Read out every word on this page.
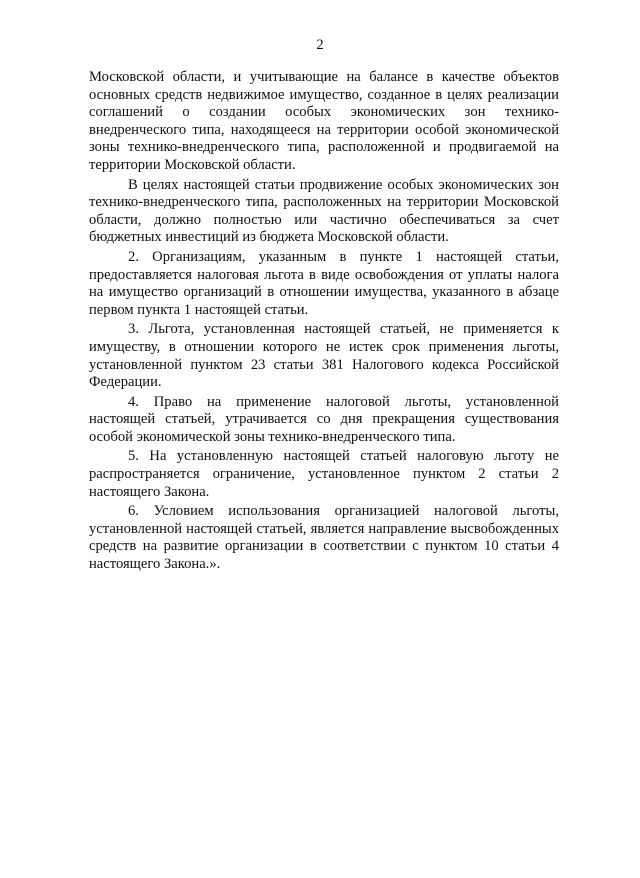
2

Московской области, и учитывающие на балансе в качестве объектов основных средств недвижимое имущество, созданное в целях реализации соглашений о создании особых экономических зон технико-внедренческого типа, находящееся на территории особой экономической зоны технико-внедренческого типа, расположенной и продвигаемой на территории Московской области.

В целях настоящей статьи продвижение особых экономических зон технико-внедренческого типа, расположенных на территории Московской области, должно полностью или частично обеспечиваться за счет бюджетных инвестиций из бюджета Московской области.

2. Организациям, указанным в пункте 1 настоящей статьи, предоставляется налоговая льгота в виде освобождения от уплаты налога на имущество организаций в отношении имущества, указанного в абзаце первом пункта 1 настоящей статьи.

3. Льгота, установленная настоящей статьей, не применяется к имуществу, в отношении которого не истек срок применения льготы, установленной пунктом 23 статьи 381 Налогового кодекса Российской Федерации.

4. Право на применение налоговой льготы, установленной настоящей статьей, утрачивается со дня прекращения существования особой экономической зоны технико-внедренческого типа.

5. На установленную настоящей статьей налоговую льготу не распространяется ограничение, установленное пунктом 2 статьи 2 настоящего Закона.

6. Условием использования организацией налоговой льготы, установленной настоящей статьей, является направление высвобожденных средств на развитие организации в соответствии с пунктом 10 статьи 4 настоящего Закона.».
